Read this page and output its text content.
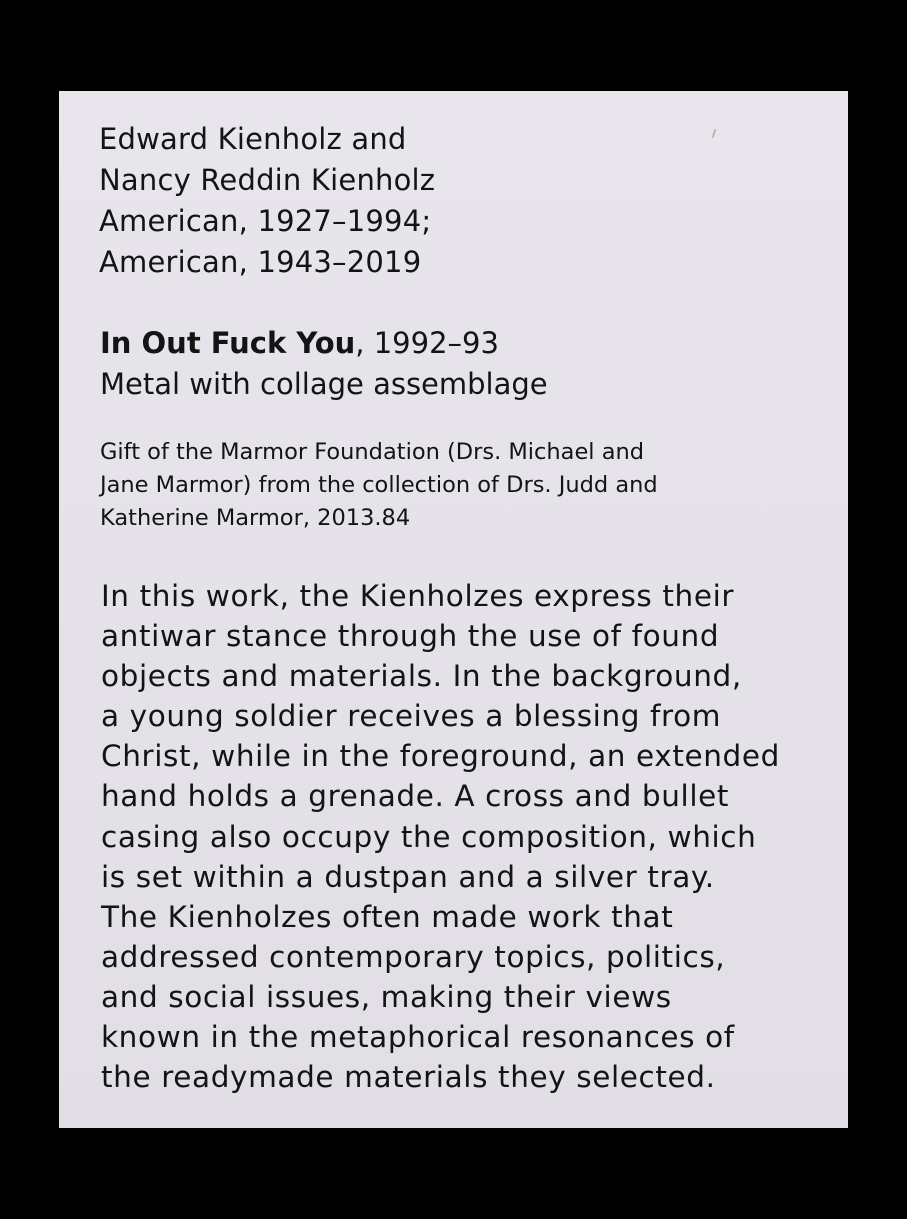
Edward Kienholz and
Nancy Reddin Kienholz
American, 1927–1994;
American, 1943–2019
In Out Fuck You, 1992–93
Metal with collage assemblage
Gift of the Marmor Foundation (Drs. Michael and
Jane Marmor) from the collection of Drs. Judd and
Katherine Marmor, 2013.84
In this work, the Kienholzes express their
antiwar stance through the use of found
objects and materials. In the background,
a young soldier receives a blessing from
Christ, while in the foreground, an extended
hand holds a grenade. A cross and bullet
casing also occupy the composition, which
is set within a dustpan and a silver tray.
The Kienholzes often made work that
addressed contemporary topics, politics,
and social issues, making their views
known in the metaphorical resonances of
the readymade materials they selected.
